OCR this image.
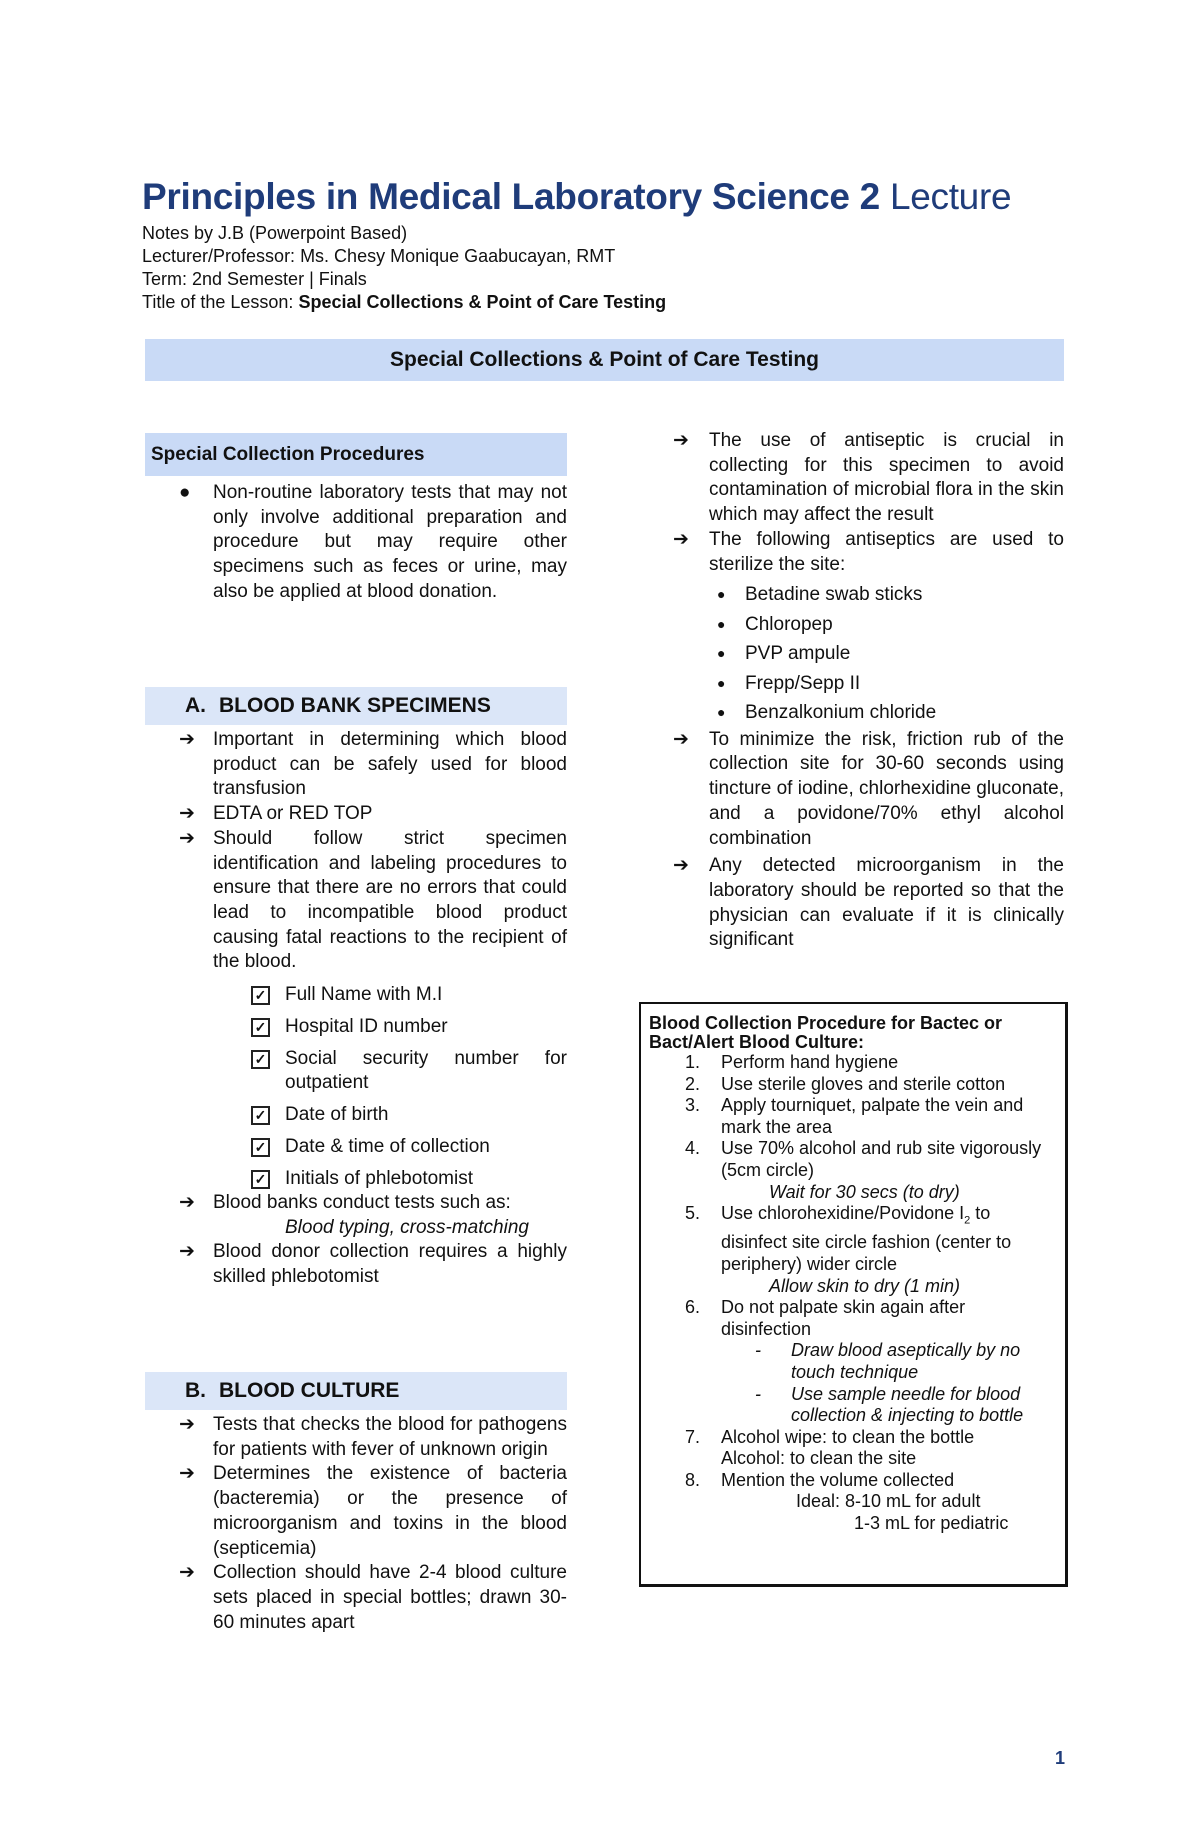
Principles in Medical Laboratory Science 2 Lecture
Notes by J.B (Powerpoint Based)
Lecturer/Professor: Ms. Chesy Monique Gaabucayan, RMT
Term: 2nd Semester | Finals
Title of the Lesson: Special Collections & Point of Care Testing
Special Collections & Point of Care Testing
Special Collection Procedures
● Non-routine laboratory tests that may not only involve additional preparation and procedure but may require other specimens such as feces or urine, may also be applied at blood donation.
A. BLOOD BANK SPECIMENS
➔ Important in determining which blood product can be safely used for blood transfusion
➔ EDTA or RED TOP
➔ Should follow strict specimen identification and labeling procedures to ensure that there are no errors that could lead to incompatible blood product causing fatal reactions to the recipient of the blood.
✓ Full Name with M.I
✓ Hospital ID number
✓ Social security number for outpatient
✓ Date of birth
✓ Date & time of collection
✓ Initials of phlebotomist
➔ Blood banks conduct tests such as:
Blood typing, cross-matching
➔ Blood donor collection requires a highly skilled phlebotomist
B. BLOOD CULTURE
➔ Tests that checks the blood for pathogens for patients with fever of unknown origin
➔ Determines the existence of bacteria (bacteremia) or the presence of microorganism and toxins in the blood (septicemia)
➔ Collection should have 2-4 blood culture sets placed in special bottles; drawn 30-60 minutes apart
➔ The use of antiseptic is crucial in collecting for this specimen to avoid contamination of microbial flora in the skin which may affect the result
➔ The following antiseptics are used to sterilize the site:
● Betadine swab sticks
● Chloropep
● PVP ampule
● Frepp/Sepp II
● Benzalkonium chloride
➔ To minimize the risk, friction rub of the collection site for 30-60 seconds using tincture of iodine, chlorhexidine gluconate, and a povidone/70% ethyl alcohol combination
➔ Any detected microorganism in the laboratory should be reported so that the physician can evaluate if it is clinically significant
Blood Collection Procedure for Bactec or Bact/Alert Blood Culture:
1. Perform hand hygiene
2. Use sterile gloves and sterile cotton
3. Apply tourniquet, palpate the vein and mark the area
4. Use 70% alcohol and rub site vigorously (5cm circle)
Wait for 30 secs (to dry)
5. Use chlorohexidine/Povidone $I_2$ to disinfect site circle fashion (center to periphery) wider circle
Allow skin to dry (1 min)
6. Do not palpate skin again after disinfection
- Draw blood aseptically by no touch technique
- Use sample needle for blood collection & injecting to bottle
7. Alcohol wipe: to clean the bottle
Alcohol: to clean the site
8. Mention the volume collected
Ideal: 8-10 mL for adult
1-3 mL for pediatric
1
